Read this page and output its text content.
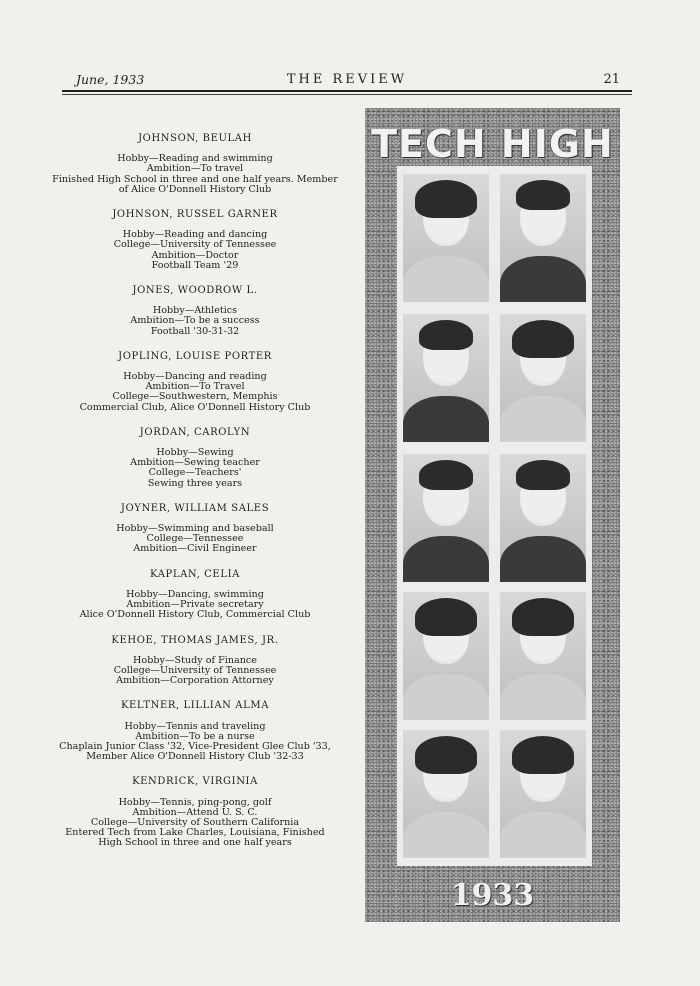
June, 1933	THE REVIEW	21
JOHNSON, BEULAH
Hobby—Reading and swimming
Ambition—To travel
Finished High School in three and one half years. Member
of Alice O'Donnell History Club
JOHNSON, RUSSEL GARNER
Hobby—Reading and dancing
College—University of Tennessee
Ambition—Doctor
Football Team '29
JONES, WOODROW L.
Hobby—Athletics
Ambition—To be a success
Football '30-31-32
JOPLING, LOUISE PORTER
Hobby—Dancing and reading
Ambition—To Travel
College—Southwestern, Memphis
Commercial Club, Alice O'Donnell History Club
JORDAN, CAROLYN
Hobby—Sewing
Ambition—Sewing teacher
College—Teachers'
Sewing three years
JOYNER, WILLIAM SALES
Hobby—Swimming and baseball
College—Tennessee
Ambition—Civil Engineer
KAPLAN, CELIA
Hobby—Dancing, swimming
Ambition—Private secretary
Alice O'Donnell History Club, Commercial Club
KEHOE, THOMAS JAMES, JR.
Hobby—Study of Finance
College—University of Tennessee
Ambition—Corporation Attorney
KELTNER, LILLIAN ALMA
Hobby—Tennis and traveling
Ambition—To be a nurse
Chaplain Junior Class '32, Vice-President Glee Club '33,
Member Alice O'Donnell History Club '32-33
KENDRICK, VIRGINIA
Hobby—Tennis, ping-pong, golf
Ambition—Attend U. S. C.
College—University of Southern California
Entered Tech from Lake Charles, Louisiana, Finished
High School in three and one half years
TECH HIGH
1933
